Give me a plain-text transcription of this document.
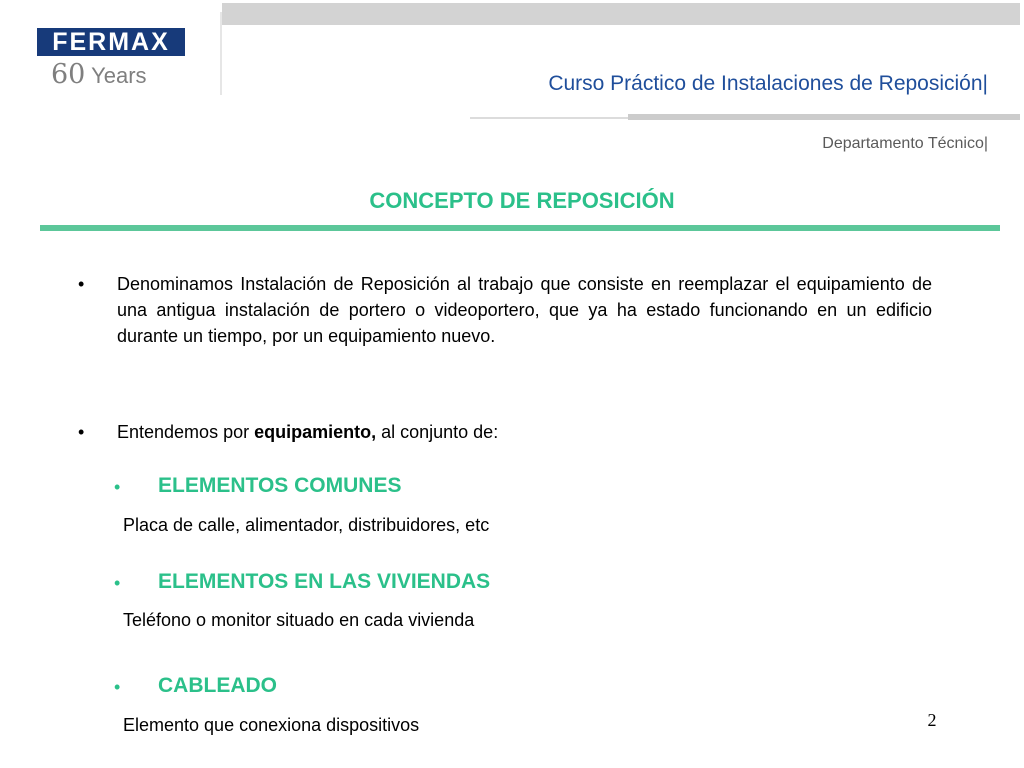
FERMAX
60 Years	Curso Práctico de Instalaciones de Reposición|
Departamento Técnico|
CONCEPTO DE REPOSICIÓN
• Denominamos Instalación de Reposición al trabajo que consiste en reemplazar el equipamiento de una antigua instalación de portero o videoportero, que ya ha estado funcionando en un edificio durante un tiempo, por un equipamiento nuevo.
• Entendemos por equipamiento, al conjunto de:
• ELEMENTOS COMUNES
Placa de calle, alimentador, distribuidores, etc
• ELEMENTOS EN LAS VIVIENDAS
Teléfono o monitor situado en cada vivienda
• CABLEADO
Elemento que conexiona dispositivos	2
